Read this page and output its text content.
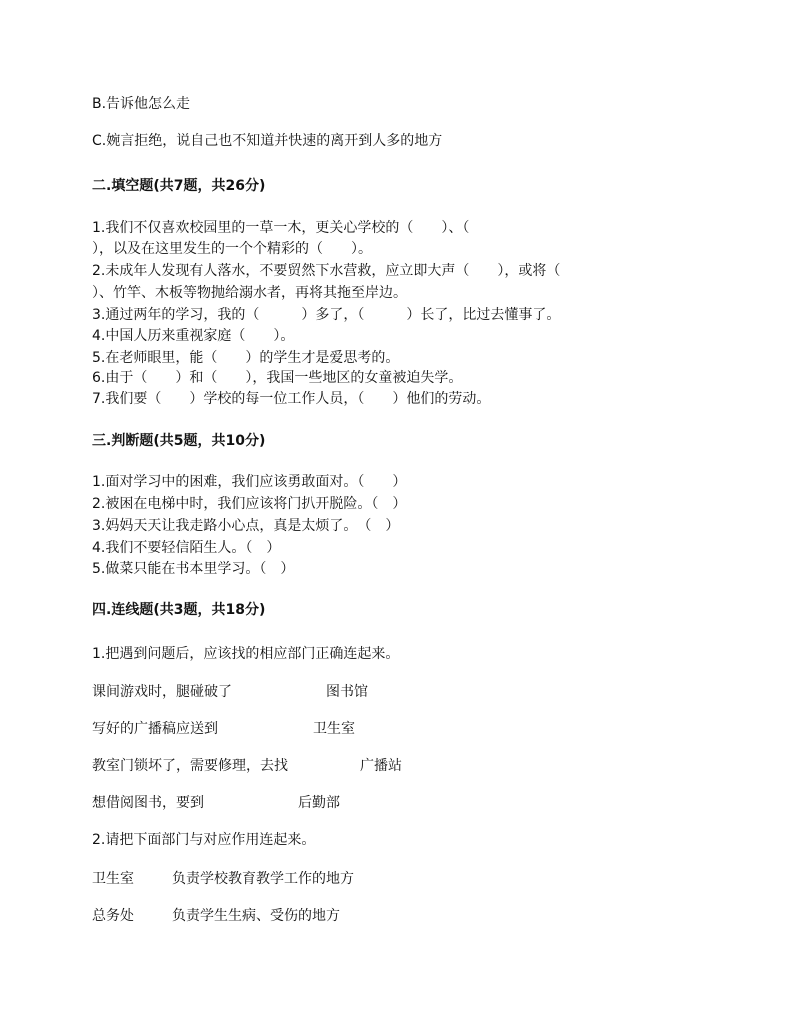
B.告诉他怎么走
C.婉言拒绝，说自己也不知道并快速的离开到人多的地方
二.填空题(共7题，共26分)
1.我们不仅喜欢校园里的一草一木，更关心学校的（　　）、（
），以及在这里发生的一个个精彩的（　　）。
2.未成年人发现有人落水，不要贸然下水营救，应立即大声（　　），或将（
）、竹竿、木板等物抛给溺水者，再将其拖至岸边。
3.通过两年的学习，我的（　　　）多了，（　　　）长了，比过去懂事了。
4.中国人历来重视家庭（　　）。
5.在老师眼里，能（　　）的学生才是爱思考的。
6.由于（　　）和（　　），我国一些地区的女童被迫失学。
7.我们要（　　）学校的每一位工作人员，（　　）他们的劳动。
三.判断题(共5题，共10分)
1.面对学习中的困难，我们应该勇敢面对。（　　）
2.被困在电梯中时，我们应该将门扒开脱险。（　）
3.妈妈天天让我走路小心点，真是太烦了。　（　）
4.我们不要轻信陌生人。（　）
5.做菜只能在书本里学习。（　）
四.连线题(共3题，共18分)
1.把遇到问题后，应该找的相应部门正确连起来。
课间游戏时，腿碰破了	图书馆
写好的广播稿应送到	卫生室
教室门锁坏了，需要修理，去找	广播站
想借阅图书，要到	后勤部
2.请把下面部门与对应作用连起来。
卫生室	负责学校教育教学工作的地方
总务处	负责学生生病、受伤的地方
